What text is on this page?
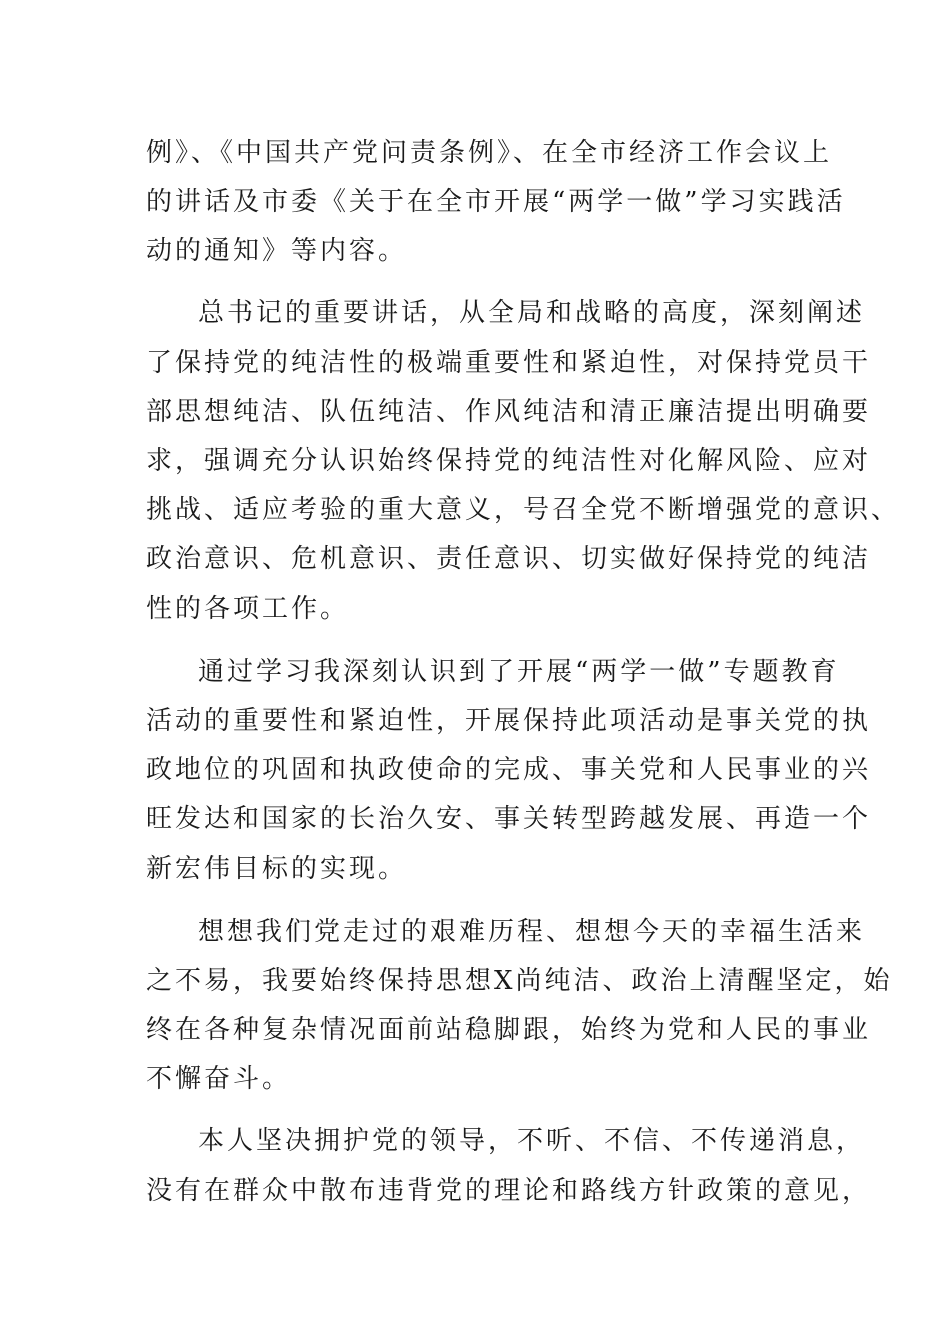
例》、《中国共产党问责条例》、在全市经济工作会议上
的讲话及市委《关于在全市开展“两学一做”学习实践活
动的通知》等内容。
总书记的重要讲话，从全局和战略的高度，深刻阐述
了保持党的纯洁性的极端重要性和紧迫性，对保持党员干
部思想纯洁、队伍纯洁、作风纯洁和清正廉洁提出明确要
求，强调充分认识始终保持党的纯洁性对化解风险、应对
挑战、适应考验的重大意义，号召全党不断增强党的意识、
政治意识、危机意识、责任意识、切实做好保持党的纯洁
性的各项工作。
通过学习我深刻认识到了开展“两学一做”专题教育
活动的重要性和紧迫性，开展保持此项活动是事关党的执
政地位的巩固和执政使命的完成、事关党和人民事业的兴
旺发达和国家的长治久安、事关转型跨越发展、再造一个
新宏伟目标的实现。
想想我们党走过的艰难历程、想想今天的幸福生活来
之不易，我要始终保持思想X尚纯洁、政治上清醒坚定，始
终在各种复杂情况面前站稳脚跟，始终为党和人民的事业
不懈奋斗。
本人坚决拥护党的领导，不听、不信、不传递消息，
没有在群众中散布违背党的理论和路线方针政策的意见，
